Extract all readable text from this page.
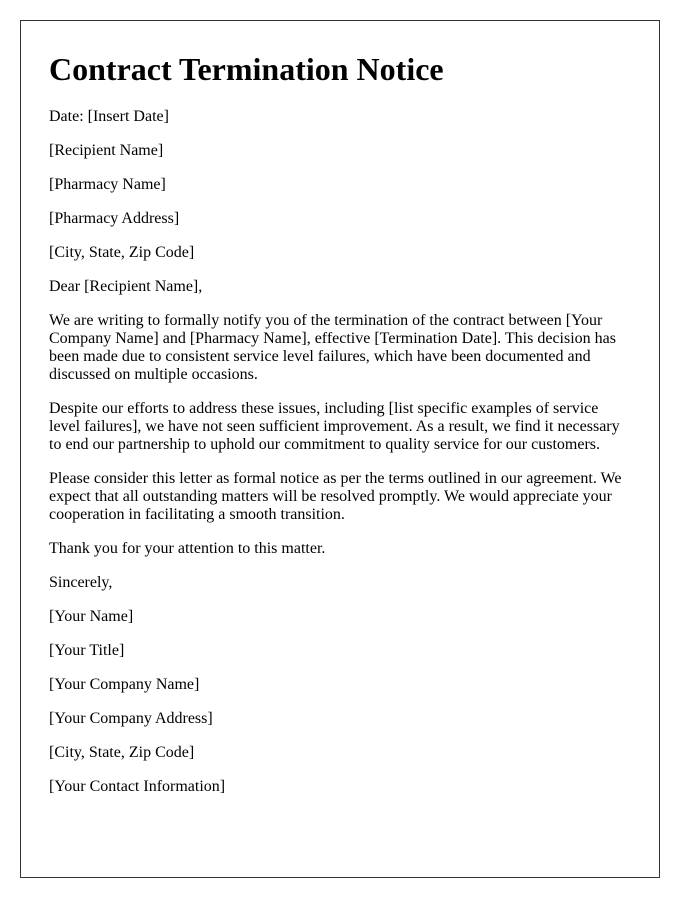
Contract Termination Notice

Date: [Insert Date]

[Recipient Name]

[Pharmacy Name]

[Pharmacy Address]

[City, State, Zip Code]

Dear [Recipient Name],

We are writing to formally notify you of the termination of the contract between [Your Company Name] and [Pharmacy Name], effective [Termination Date]. This decision has been made due to consistent service level failures, which have been documented and discussed on multiple occasions.

Despite our efforts to address these issues, including [list specific examples of service level failures], we have not seen sufficient improvement. As a result, we find it necessary to end our partnership to uphold our commitment to quality service for our customers.

Please consider this letter as formal notice as per the terms outlined in our agreement. We expect that all outstanding matters will be resolved promptly. We would appreciate your cooperation in facilitating a smooth transition.

Thank you for your attention to this matter.

Sincerely,

[Your Name]

[Your Title]

[Your Company Name]

[Your Company Address]

[City, State, Zip Code]

[Your Contact Information]
